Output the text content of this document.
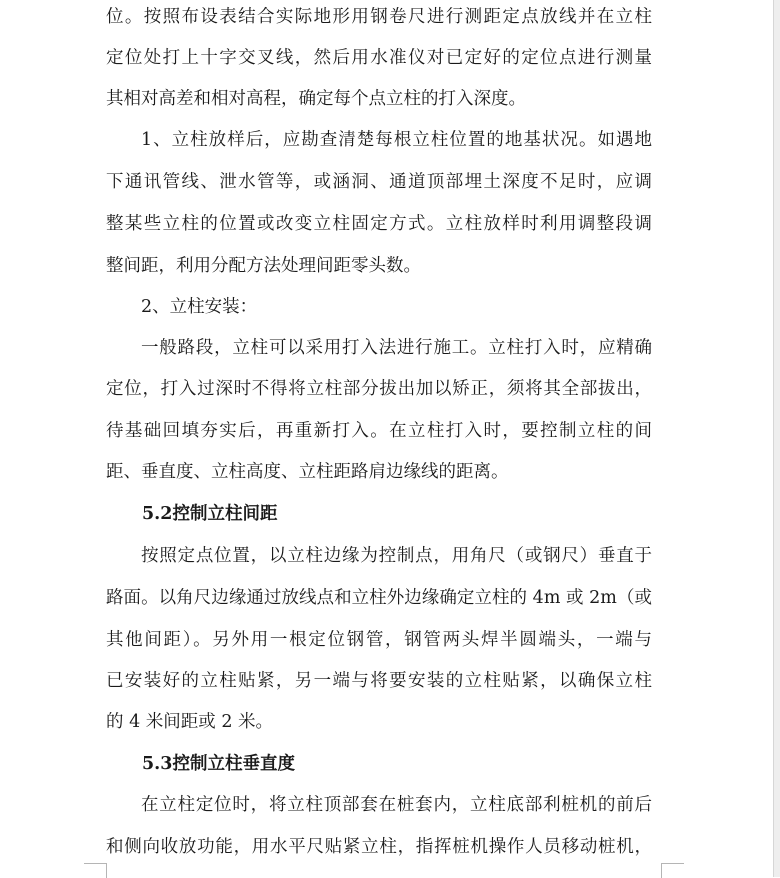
位。按照布设表结合实际地形用钢卷尺进行测距定点放线并在立柱
定位处打上十字交叉线，然后用水准仪对已定好的定位点进行测量
其相对高差和相对高程，确定每个点立柱的打入深度。
1、立柱放样后，应勘查清楚每根立柱位置的地基状况。如遇地
下通讯管线、泄水管等，或涵洞、通道顶部埋土深度不足时，应调
整某些立柱的位置或改变立柱固定方式。立柱放样时利用调整段调
整间距，利用分配方法处理间距零头数。
2、立柱安装：
一般路段，立柱可以采用打入法进行施工。立柱打入时，应精确
定位，打入过深时不得将立柱部分拔出加以矫正，须将其全部拔出，
待基础回填夯实后，再重新打入。在立柱打入时，要控制立柱的间
距、垂直度、立柱高度、立柱距路肩边缘线的距离。
5.2控制立柱间距
按照定点位置，以立柱边缘为控制点，用角尺（或钢尺）垂直于
路面。以角尺边缘通过放线点和立柱外边缘确定立柱的 4m 或 2m（或
其他间距）。另外用一根定位钢管，钢管两头焊半圆端头，一端与
已安装好的立柱贴紧，另一端与将要安装的立柱贴紧，以确保立柱
的 4 米间距或 2 米。
5.3控制立柱垂直度
在立柱定位时，将立柱顶部套在桩套内，立柱底部利桩机的前后
和侧向收放功能，用水平尺贴紧立柱，指挥桩机操作人员移动桩机，
